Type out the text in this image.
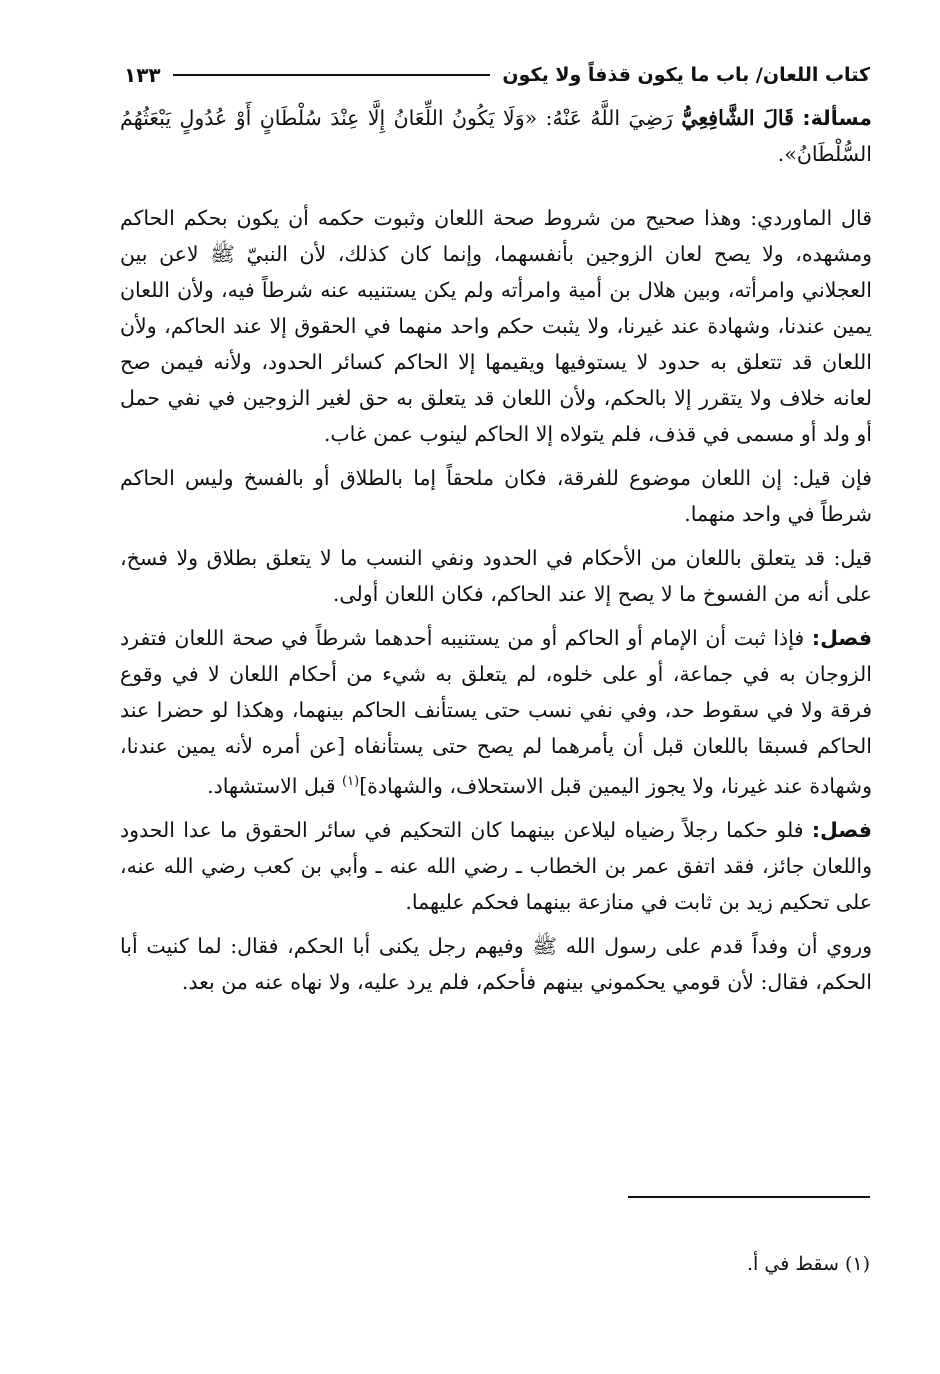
كتاب اللعان/ باب ما يكون قذفاً ولا يكون
١٣٣

مسألة: قَالَ الشَّافِعِيُّ رَضِيَ اللَّهُ عَنْهُ: «وَلَا يَكُونُ اللِّعَانُ إِلَّا عِنْدَ سُلْطَانٍ أَوْ عُدُولٍ يَبْعَثُهُمُ السُّلْطَانُ».

قال الماوردي: وهذا صحيح من شروط صحة اللعان وثبوت حكمه أن يكون بحكم الحاكم ومشهده، ولا يصح لعان الزوجين بأنفسهما، وإنما كان كذلك، لأن النبيّ ﷺ لاعن بين العجلاني وامرأته، وبين هلال بن أمية وامرأته ولم يكن يستنيبه عنه شرطاً فيه، ولأن اللعان يمين عندنا، وشهادة عند غيرنا، ولا يثبت حكم واحد منهما في الحقوق إلا عند الحاكم، ولأن اللعان قد تتعلق به حدود لا يستوفيها ويقيمها إلا الحاكم كسائر الحدود، ولأنه فيمن صح لعانه خلاف ولا يتقرر إلا بالحكم، ولأن اللعان قد يتعلق به حق لغير الزوجين في نفي حمل أو ولد أو مسمى في قذف، فلم يتولاه إلا الحاكم لينوب عمن غاب.

فإن قيل: إن اللعان موضوع للفرقة، فكان ملحقاً إما بالطلاق أو بالفسخ وليس الحاكم شرطاً في واحد منهما.

قيل: قد يتعلق باللعان من الأحكام في الحدود ونفي النسب ما لا يتعلق بطلاق ولا فسخ، على أنه من الفسوخ ما لا يصح إلا عند الحاكم، فكان اللعان أولى.

فصل: فإذا ثبت أن الإمام أو الحاكم أو من يستنيبه أحدهما شرطاً في صحة اللعان فتفرد الزوجان به في جماعة، أو على خلوه، لم يتعلق به شيء من أحكام اللعان لا في وقوع فرقة ولا في سقوط حد، وفي نفي نسب حتى يستأنف الحاكم بينهما، وهكذا لو حضرا عند الحاكم فسبقا باللعان قبل أن يأمرهما لم يصح حتى يستأنفاه [عن أمره لأنه يمين عندنا، وشهادة عند غيرنا، ولا يجوز اليمين قبل الاستحلاف، والشهادة]$^{(١)}$ قبل الاستشهاد.

فصل: فلو حكما رجلاً رضياه ليلاعن بينهما كان التحكيم في سائر الحقوق ما عدا الحدود واللعان جائز، فقد اتفق عمر بن الخطاب ـ رضي الله عنه ـ وأبي بن كعب رضي الله عنه، على تحكيم زيد بن ثابت في منازعة بينهما فحكم عليهما.

وروي أن وفداً قدم على رسول الله ﷺ وفيهم رجل يكنى أبا الحكم، فقال: لما كنيت أبا الحكم، فقال: لأن قومي يحكموني بينهم فأحكم، فلم يرد عليه، ولا نهاه عنه من بعد.

(١) سقط في أ.
